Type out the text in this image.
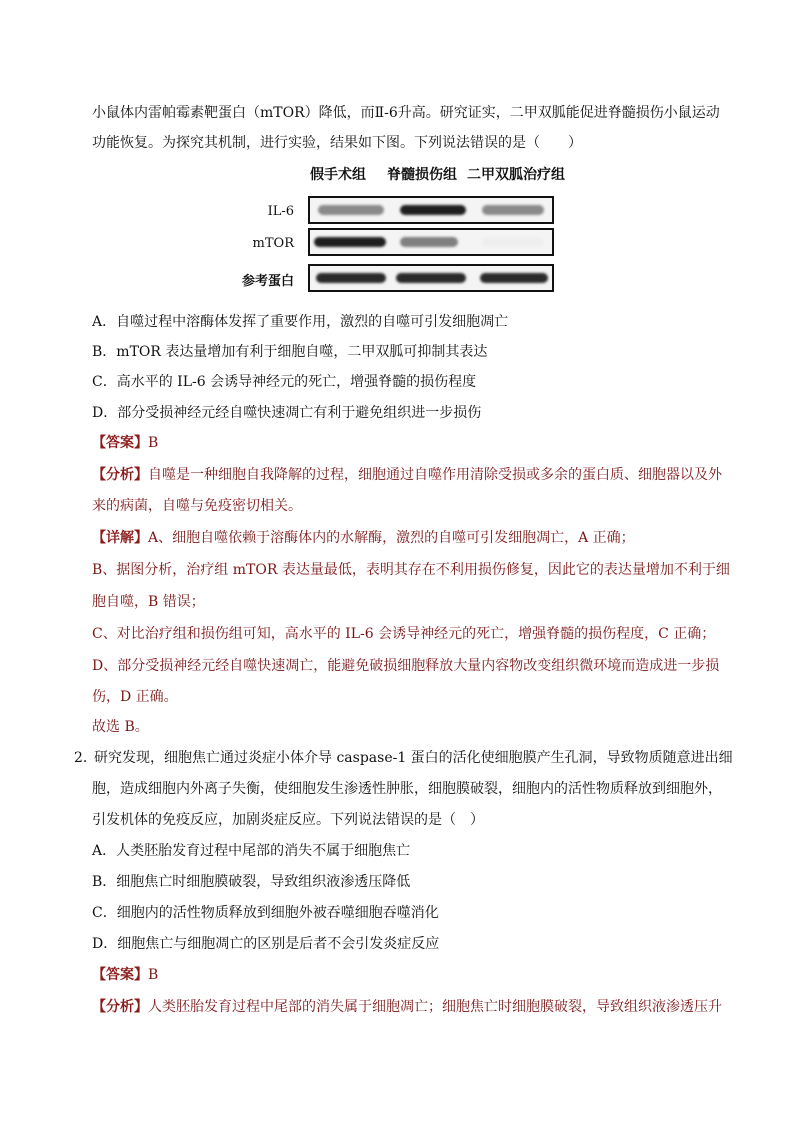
小鼠体内雷帕霉素靶蛋白（mTOR）降低，而Ⅱ-6升高。研究证实，二甲双胍能促进脊髓损伤小鼠运动
功能恢复。为探究其机制，进行实验，结果如下图。下列说法错误的是（　　）
假手术组 脊髓损伤组 二甲双胍治疗组
IL-6
mTOR
参考蛋白
A．自噬过程中溶酶体发挥了重要作用，激烈的自噬可引发细胞凋亡
B．mTOR 表达量增加有利于细胞自噬，二甲双胍可抑制其表达
C．高水平的 IL-6 会诱导神经元的死亡，增强脊髓的损伤程度
D．部分受损神经元经自噬快速凋亡有利于避免组织进一步损伤
【答案】B
【分析】自噬是一种细胞自我降解的过程，细胞通过自噬作用清除受损或多余的蛋白质、细胞器以及外
来的病菌，自噬与免疫密切相关。
【详解】A、细胞自噬依赖于溶酶体内的水解酶，激烈的自噬可引发细胞凋亡，A 正确；
B、据图分析，治疗组 mTOR 表达量最低，表明其存在不利用损伤修复，因此它的表达量增加不利于细
胞自噬，B 错误；
C、对比治疗组和损伤组可知，高水平的 IL-6 会诱导神经元的死亡，增强脊髓的损伤程度，C 正确；
D、部分受损神经元经自噬快速凋亡，能避免破损细胞释放大量内容物改变组织微环境而造成进一步损
伤，D 正确。
故选 B。
2．
研究发现，细胞焦亡通过炎症小体介导 caspase-1 蛋白的活化使细胞膜产生孔洞，导致物质随意进出细
胞，造成细胞内外离子失衡，使细胞发生渗透性肿胀，细胞膜破裂，细胞内的活性物质释放到细胞外，
引发机体的免疫反应，加剧炎症反应。下列说法错误的是（　）
A．人类胚胎发育过程中尾部的消失不属于细胞焦亡
B．细胞焦亡时细胞膜破裂，导致组织液渗透压降低
C．细胞内的活性物质释放到细胞外被吞噬细胞吞噬消化
D．细胞焦亡与细胞凋亡的区别是后者不会引发炎症反应
【答案】B
【分析】人类胚胎发育过程中尾部的消失属于细胞凋亡；细胞焦亡时细胞膜破裂，导致组织液渗透压升
